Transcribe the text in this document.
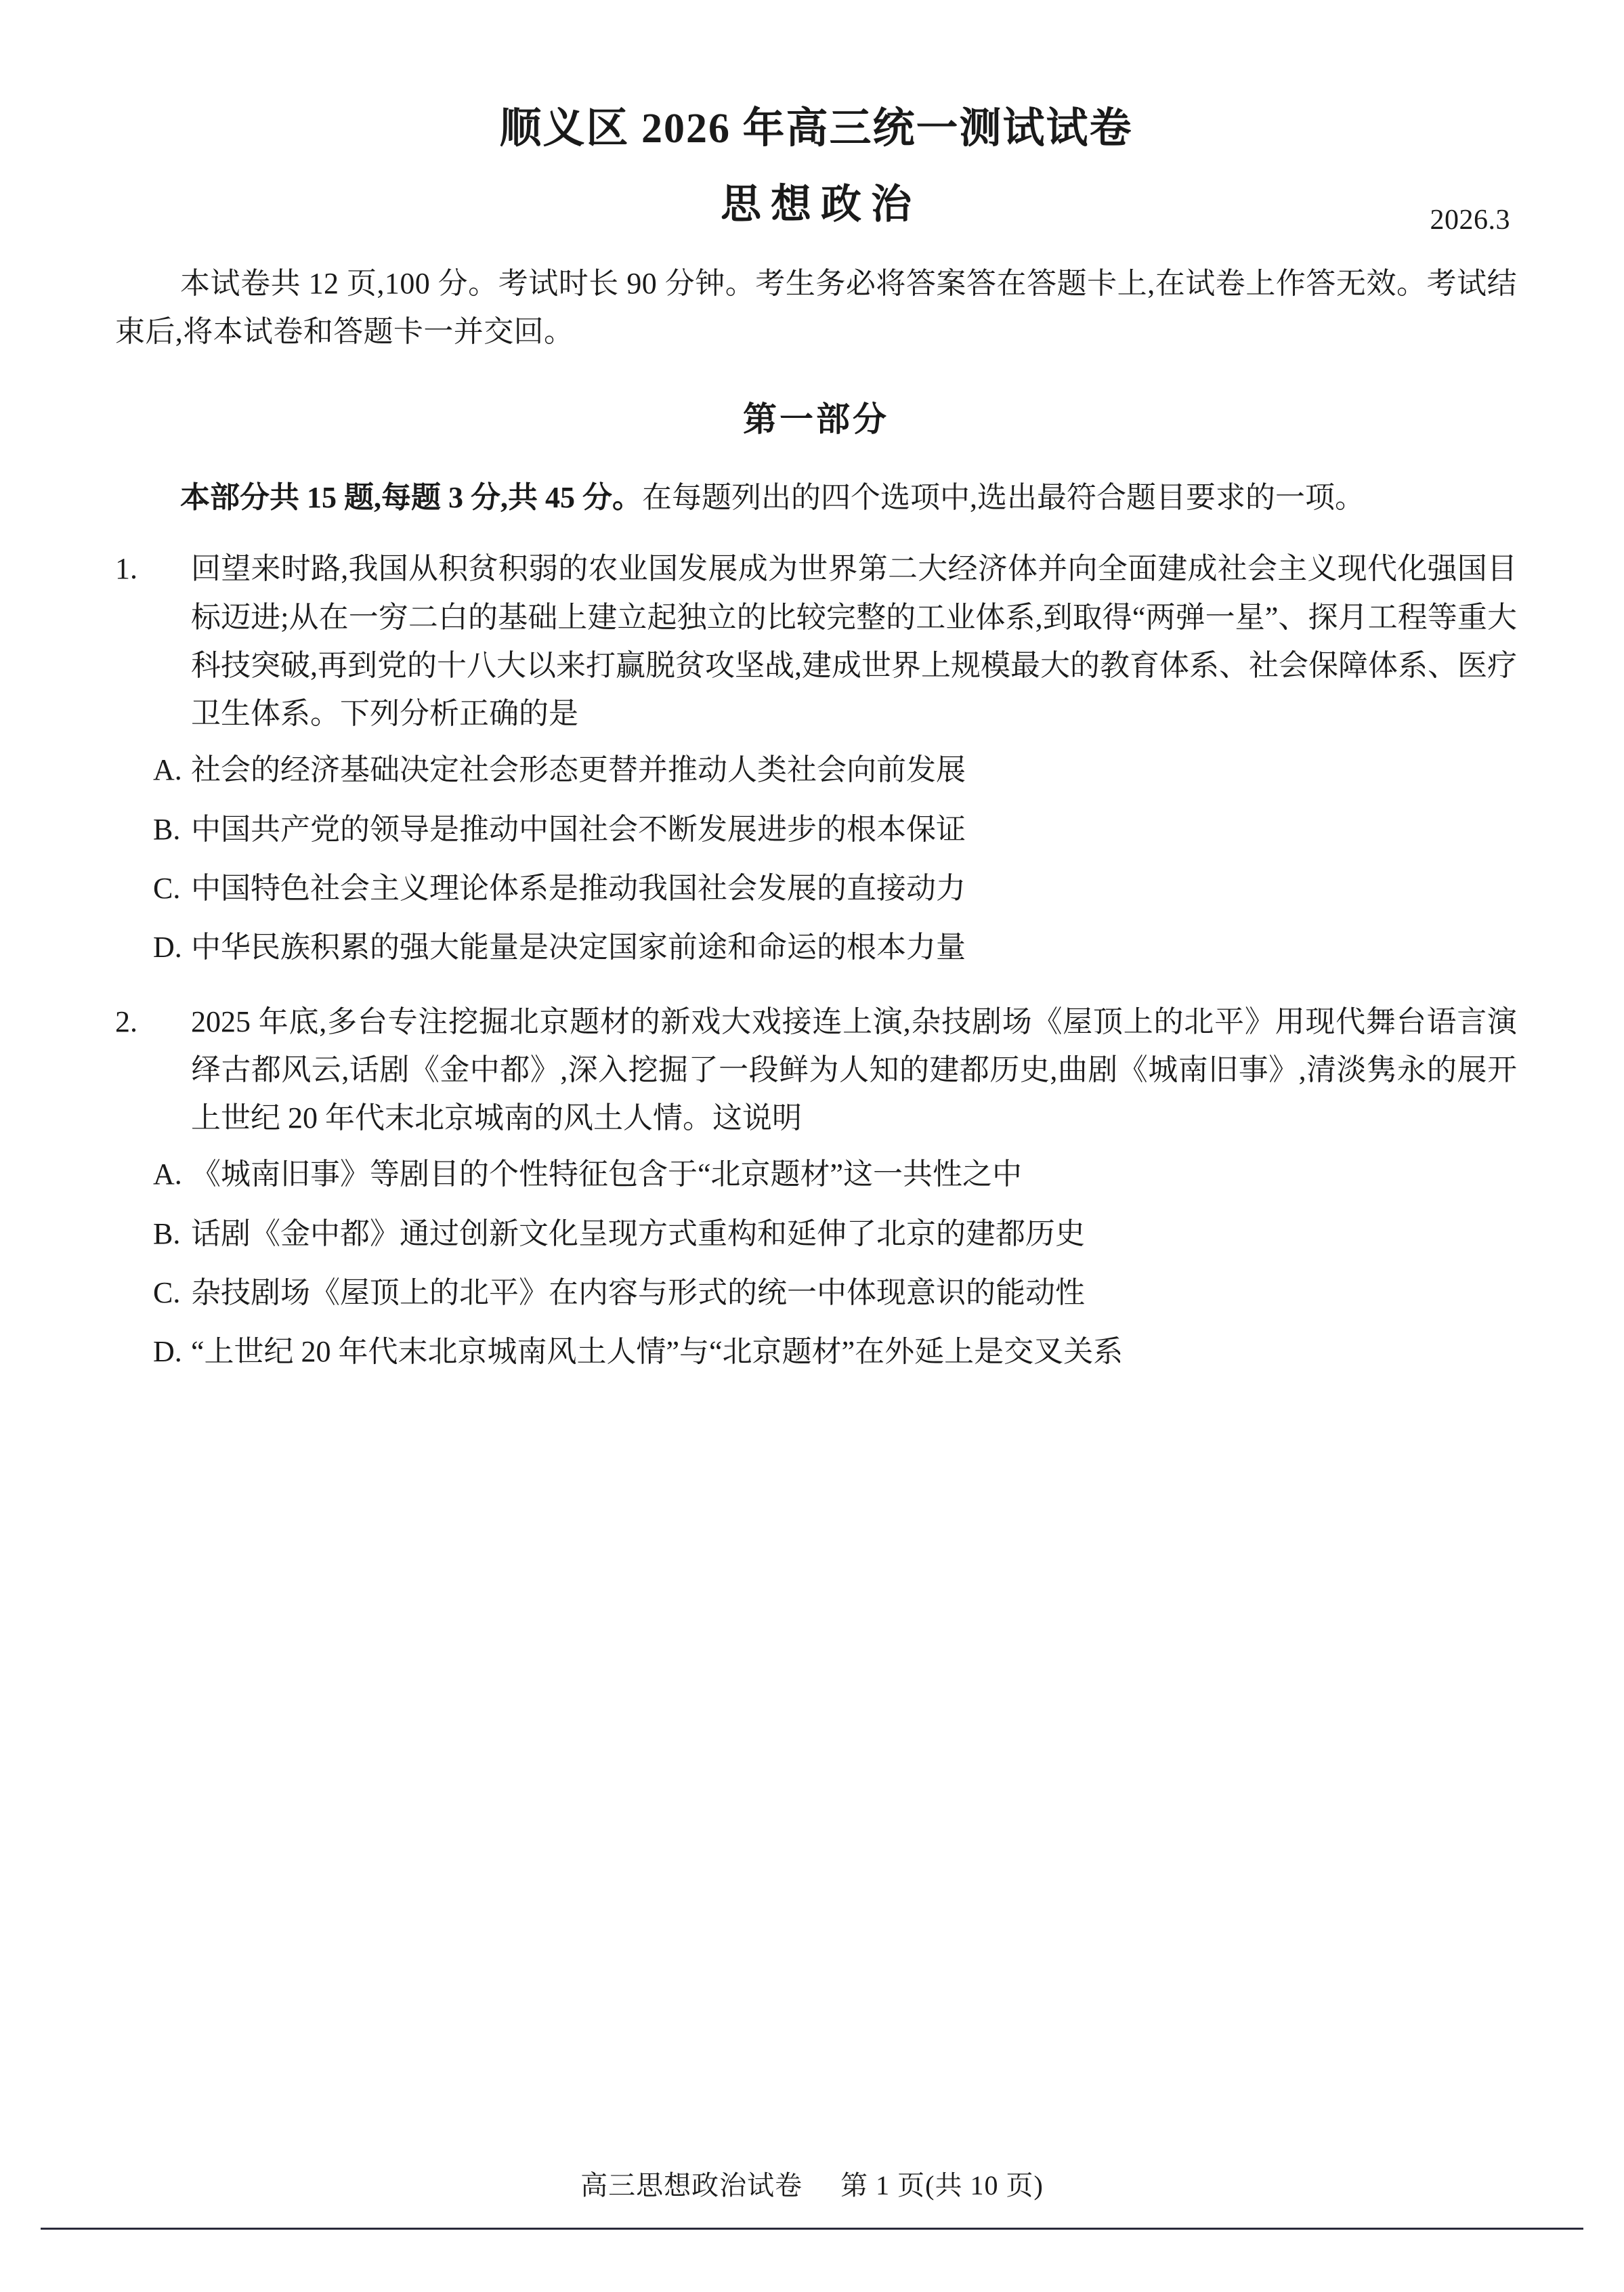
顺义区 2026 年高三统一测试试卷
思想政治	2026.3

本试卷共 12 页,100 分。考试时长 90 分钟。考生务必将答案答在答题卡上,在试卷上作答无效。考试结束后,将本试卷和答题卡一并交回。

第一部分

本部分共 15 题,每题 3 分,共 45 分。在每题列出的四个选项中,选出最符合题目要求的一项。

1.	回望来时路,我国从积贫积弱的农业国发展成为世界第二大经济体并向全面建成社会主义现代化强国目标迈进;从在一穷二白的基础上建立起独立的比较完整的工业体系,到取得“两弹一星”、探月工程等重大科技突破,再到党的十八大以来打赢脱贫攻坚战,建成世界上规模最大的教育体系、社会保障体系、医疗卫生体系。下列分析正确的是
A. 社会的经济基础决定社会形态更替并推动人类社会向前发展
B. 中国共产党的领导是推动中国社会不断发展进步的根本保证
C. 中国特色社会主义理论体系是推动我国社会发展的直接动力
D. 中华民族积累的强大能量是决定国家前途和命运的根本力量
2.	2025 年底,多台专注挖掘北京题材的新戏大戏接连上演,杂技剧场《屋顶上的北平》用现代舞台语言演绎古都风云,话剧《金中都》,深入挖掘了一段鲜为人知的建都历史,曲剧《城南旧事》,清淡隽永的展开上世纪 20 年代末北京城南的风土人情。这说明
A. 《城南旧事》等剧目的个性特征包含于“北京题材”这一共性之中
B. 话剧《金中都》通过创新文化呈现方式重构和延伸了北京的建都历史
C. 杂技剧场《屋顶上的北平》在内容与形式的统一中体现意识的能动性
D. “上世纪 20 年代末北京城南风土人情”与“北京题材”在外延上是交叉关系
高三思想政治试卷 第 1 页(共 10 页)
